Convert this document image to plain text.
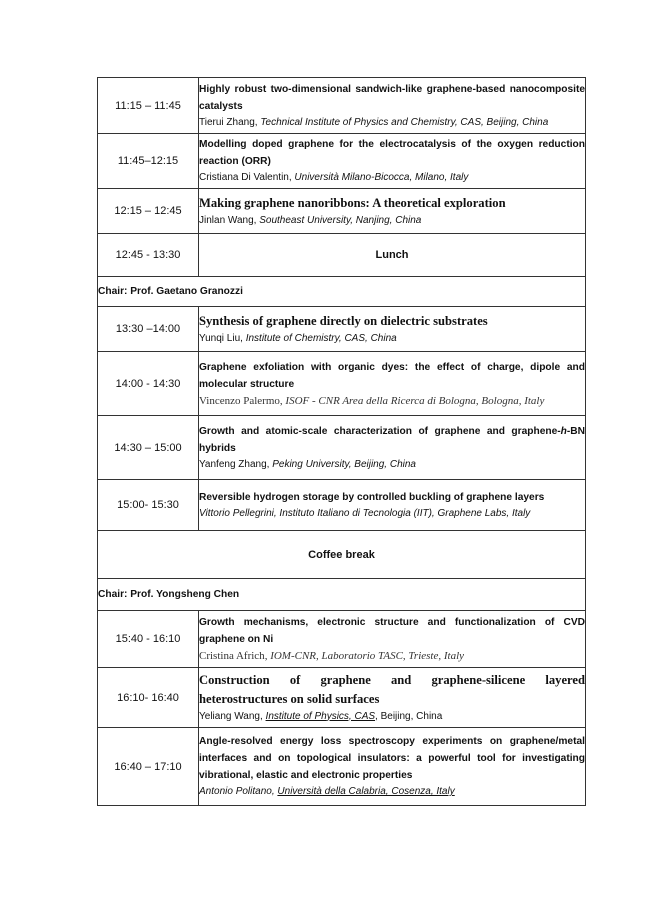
11:15 – 11:45	Highly robust two-dimensional sandwich-like graphene-based nanocomposite catalysts
Tierui Zhang, Technical Institute of Physics and Chemistry, CAS, Beijing, China

11:45–12:15	Modelling doped graphene for the electrocatalysis of the oxygen reduction reaction (ORR)
Cristiana Di Valentin, Università Milano-Bicocca, Milano, Italy

12:15 – 12:45	Making graphene nanoribbons: A theoretical exploration
Jinlan Wang, Southeast University, Nanjing, China

12:45 - 13:30	Lunch
Chair: Prof. Gaetano Granozzi	
13:30 –14:00	Synthesis of graphene directly on dielectric substrates
Yunqi Liu, Institute of Chemistry, CAS, China

14:00 - 14:30	Graphene exfoliation with organic dyes: the effect of charge, dipole and molecular structure
Vincenzo Palermo, ISOF - CNR Area della Ricerca di Bologna, Bologna, Italy

14:30 – 15:00	Growth and atomic-scale characterization of graphene and graphene-h-BN hybrids
Yanfeng Zhang, Peking University, Beijing, China

15:00- 15:30	Reversible hydrogen storage by controlled buckling of graphene layers
Vittorio Pellegrini, Instituto Italiano di Tecnologia (IIT), Graphene Labs, Italy

Coffee break	
Chair: Prof. Yongsheng Chen	
15:40 - 16:10	Growth mechanisms, electronic structure and functionalization of CVD graphene on Ni
Cristina Africh, IOM-CNR, Laboratorio TASC, Trieste, Italy

16:10- 16:40	Construction of graphene and graphene-silicene layered heterostructures on solid surfaces
Yeliang Wang, Institute of Physics, CAS, Beijing, China

16:40 – 17:10	Angle-resolved energy loss spectroscopy experiments on graphene/metal interfaces and on topological insulators: a powerful tool for investigating vibrational, elastic and electronic properties
Antonio Politano, Università della Calabria, Cosenza, Italy
